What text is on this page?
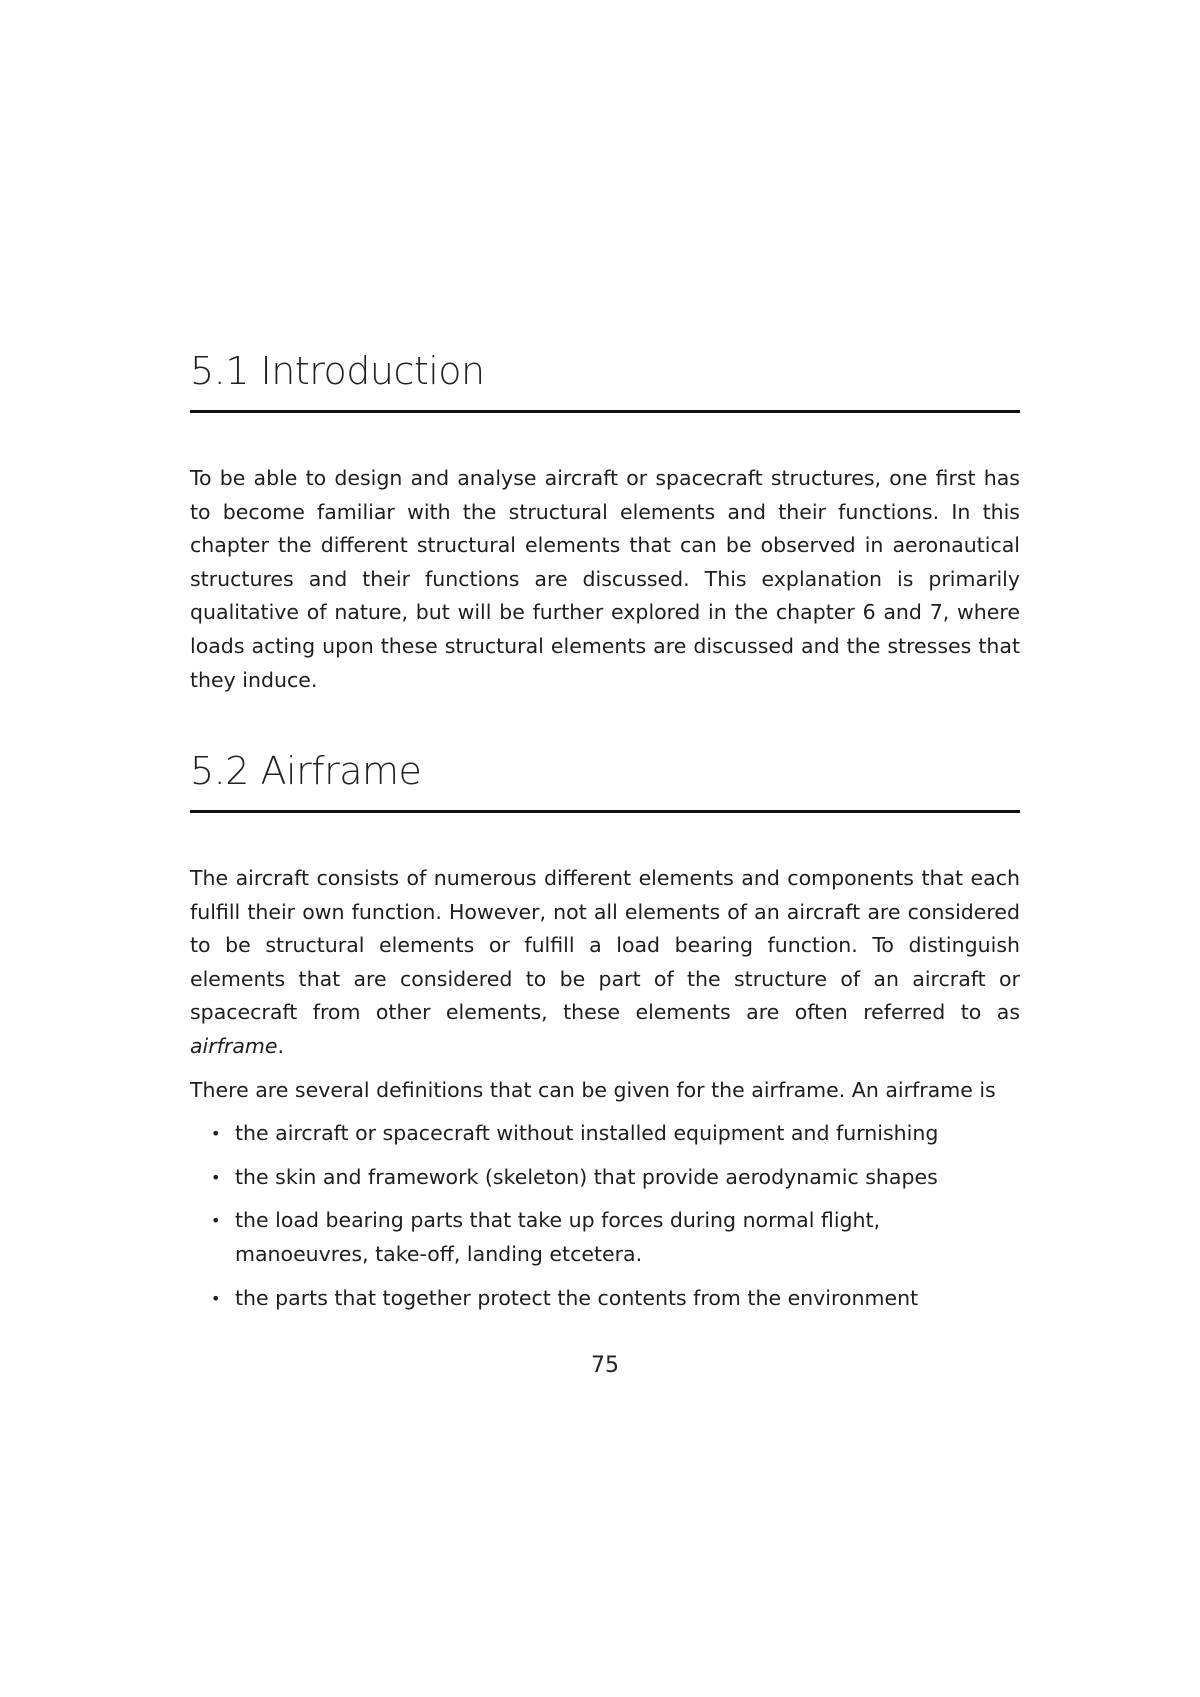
5.1 Introduction

To be able to design and analyse aircraft or spacecraft structures, one first has to become familiar with the structural elements and their functions. In this chapter the different structural elements that can be observed in aeronautical structures and their functions are discussed. This explanation is primarily qualitative of nature, but will be further explored in the chapter 6 and 7, where loads acting upon these structural elements are discussed and the stresses that they induce.

5.2 Airframe

The aircraft consists of numerous different elements and components that each fulfill their own function. However, not all elements of an aircraft are considered to be structural elements or fulfill a load bearing function. To distinguish elements that are considered to be part of the structure of an aircraft or spacecraft from other elements, these elements are often referred to as airframe.

There are several definitions that can be given for the airframe. An airframe is

• the aircraft or spacecraft without installed equipment and furnishing
• the skin and framework (skeleton) that provide aerodynamic shapes
• the load bearing parts that take up forces during normal flight, manoeuvres, take-off, landing etcetera.
• the parts that together protect the contents from the environment
75
